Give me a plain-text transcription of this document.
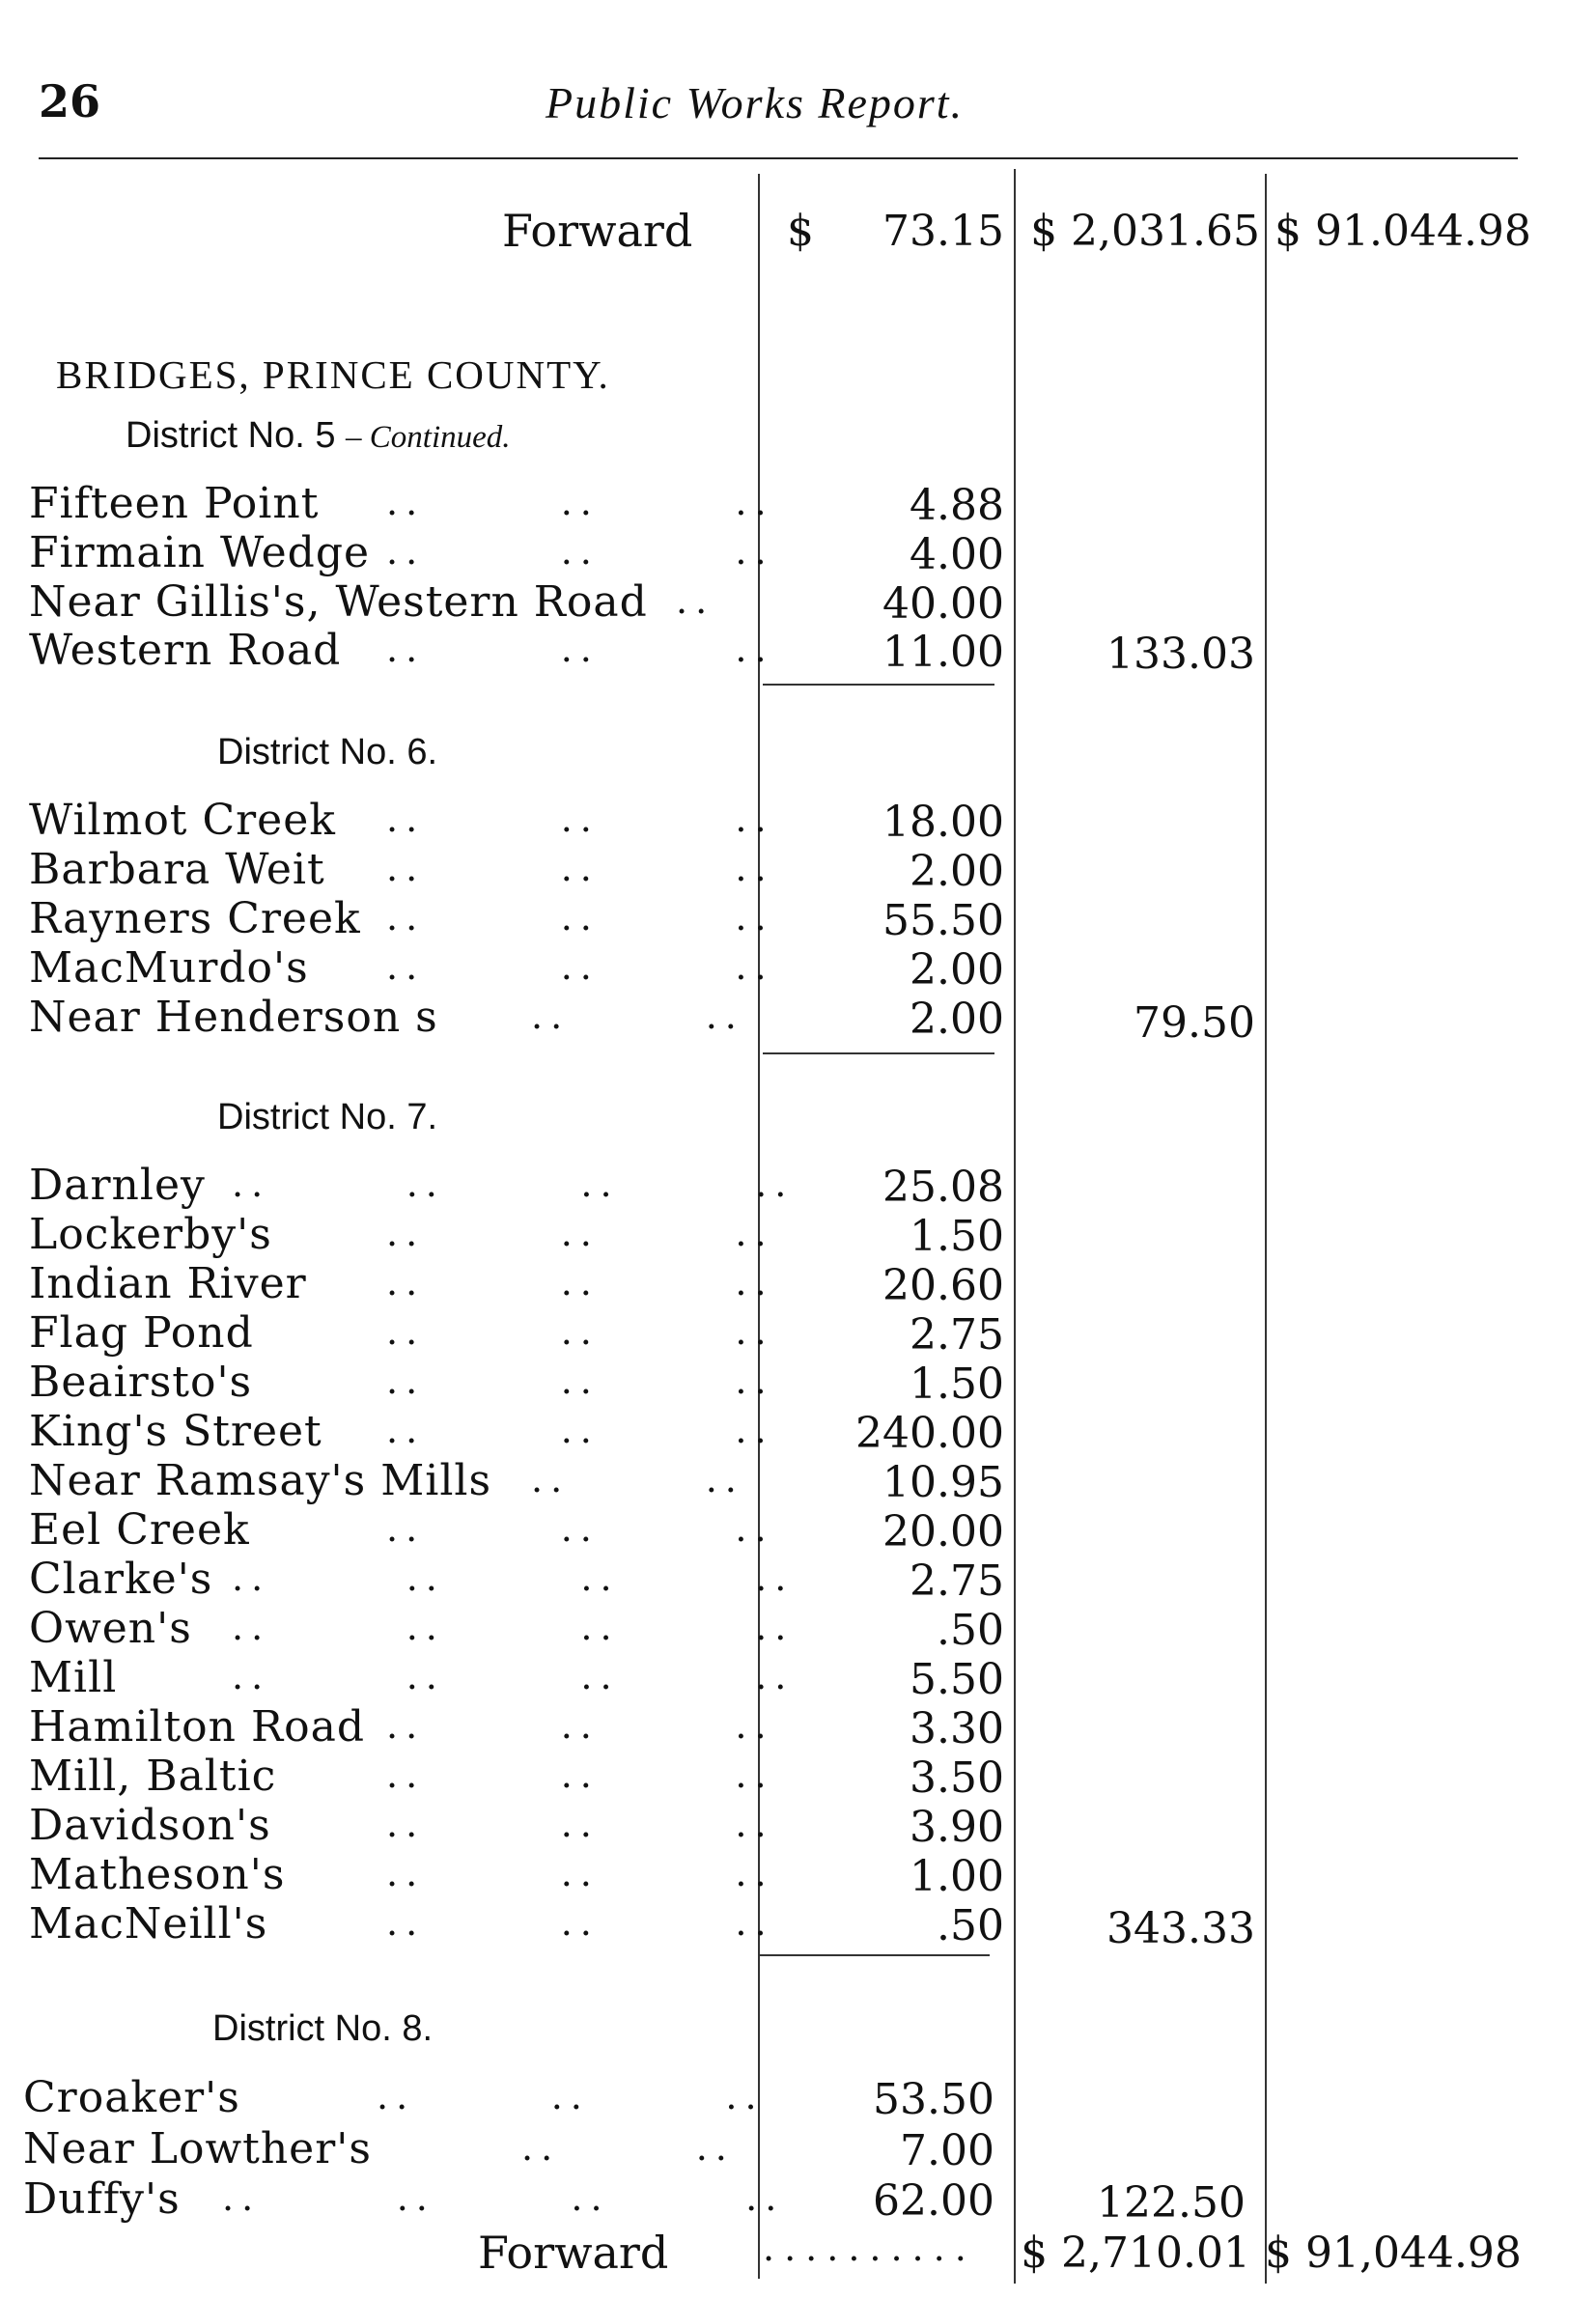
26	Public Works Report.
Forward $	73.15 $ 2,031.65 $ 91.044.98
BRIDGES, PRINCE COUNTY.
District No. 5 – Continued.
Fifteen Point ..       ..       ..	4.88
Firmain Wedge ..       ..       ..	4.00
Near Gillis's, Western Road ..	40.00
Western Road ..       ..       ..	11.00	133.03
District No. 6.
Wilmot Creek ..       ..       ..	18.00
Barbara Weit ..       ..       ..	2.00
Rayners Creek ..       ..       ..	55.50
MacMurdo's ..       ..       ..	2.00
Near Henderson s	..       ..	2.00	79.50
District No. 7.
Darnley ..       ..       ..       ..	25.08
Lockerby's	..       ..       ..	1.50
Indian River ..       ..       ..	20.60
Flag Pond	..       ..       ..	2.75
Beairsto's	..       ..       ..	1.50
King's Street ..       ..       ..	240.00
Near Ramsay's Mills ..       ..	10.95
Eel Creek	..       ..       ..	20.00
Clarke's ..       ..       ..       ..	2.75
Owen's ..       ..       ..       ..	.50
Mill	..       ..       ..       ..	5.50
Hamilton Road ..       ..       ..	3.30
Mill, Baltic	..       ..       ..	3.50
Davidson's	..       ..       ..	3.90
Matheson's	..       ..       ..	1.00
MacNeill's	..       ..       ..	.50	343.33
District No. 8.
Croaker's	..       ..       ..	53.50
Near Lowther's	..       ..	7.00
Duffy's ..       ..       ..       ..	62.00	122.50
Forward	.......... $ 2,710.01 $ 91,044.98
